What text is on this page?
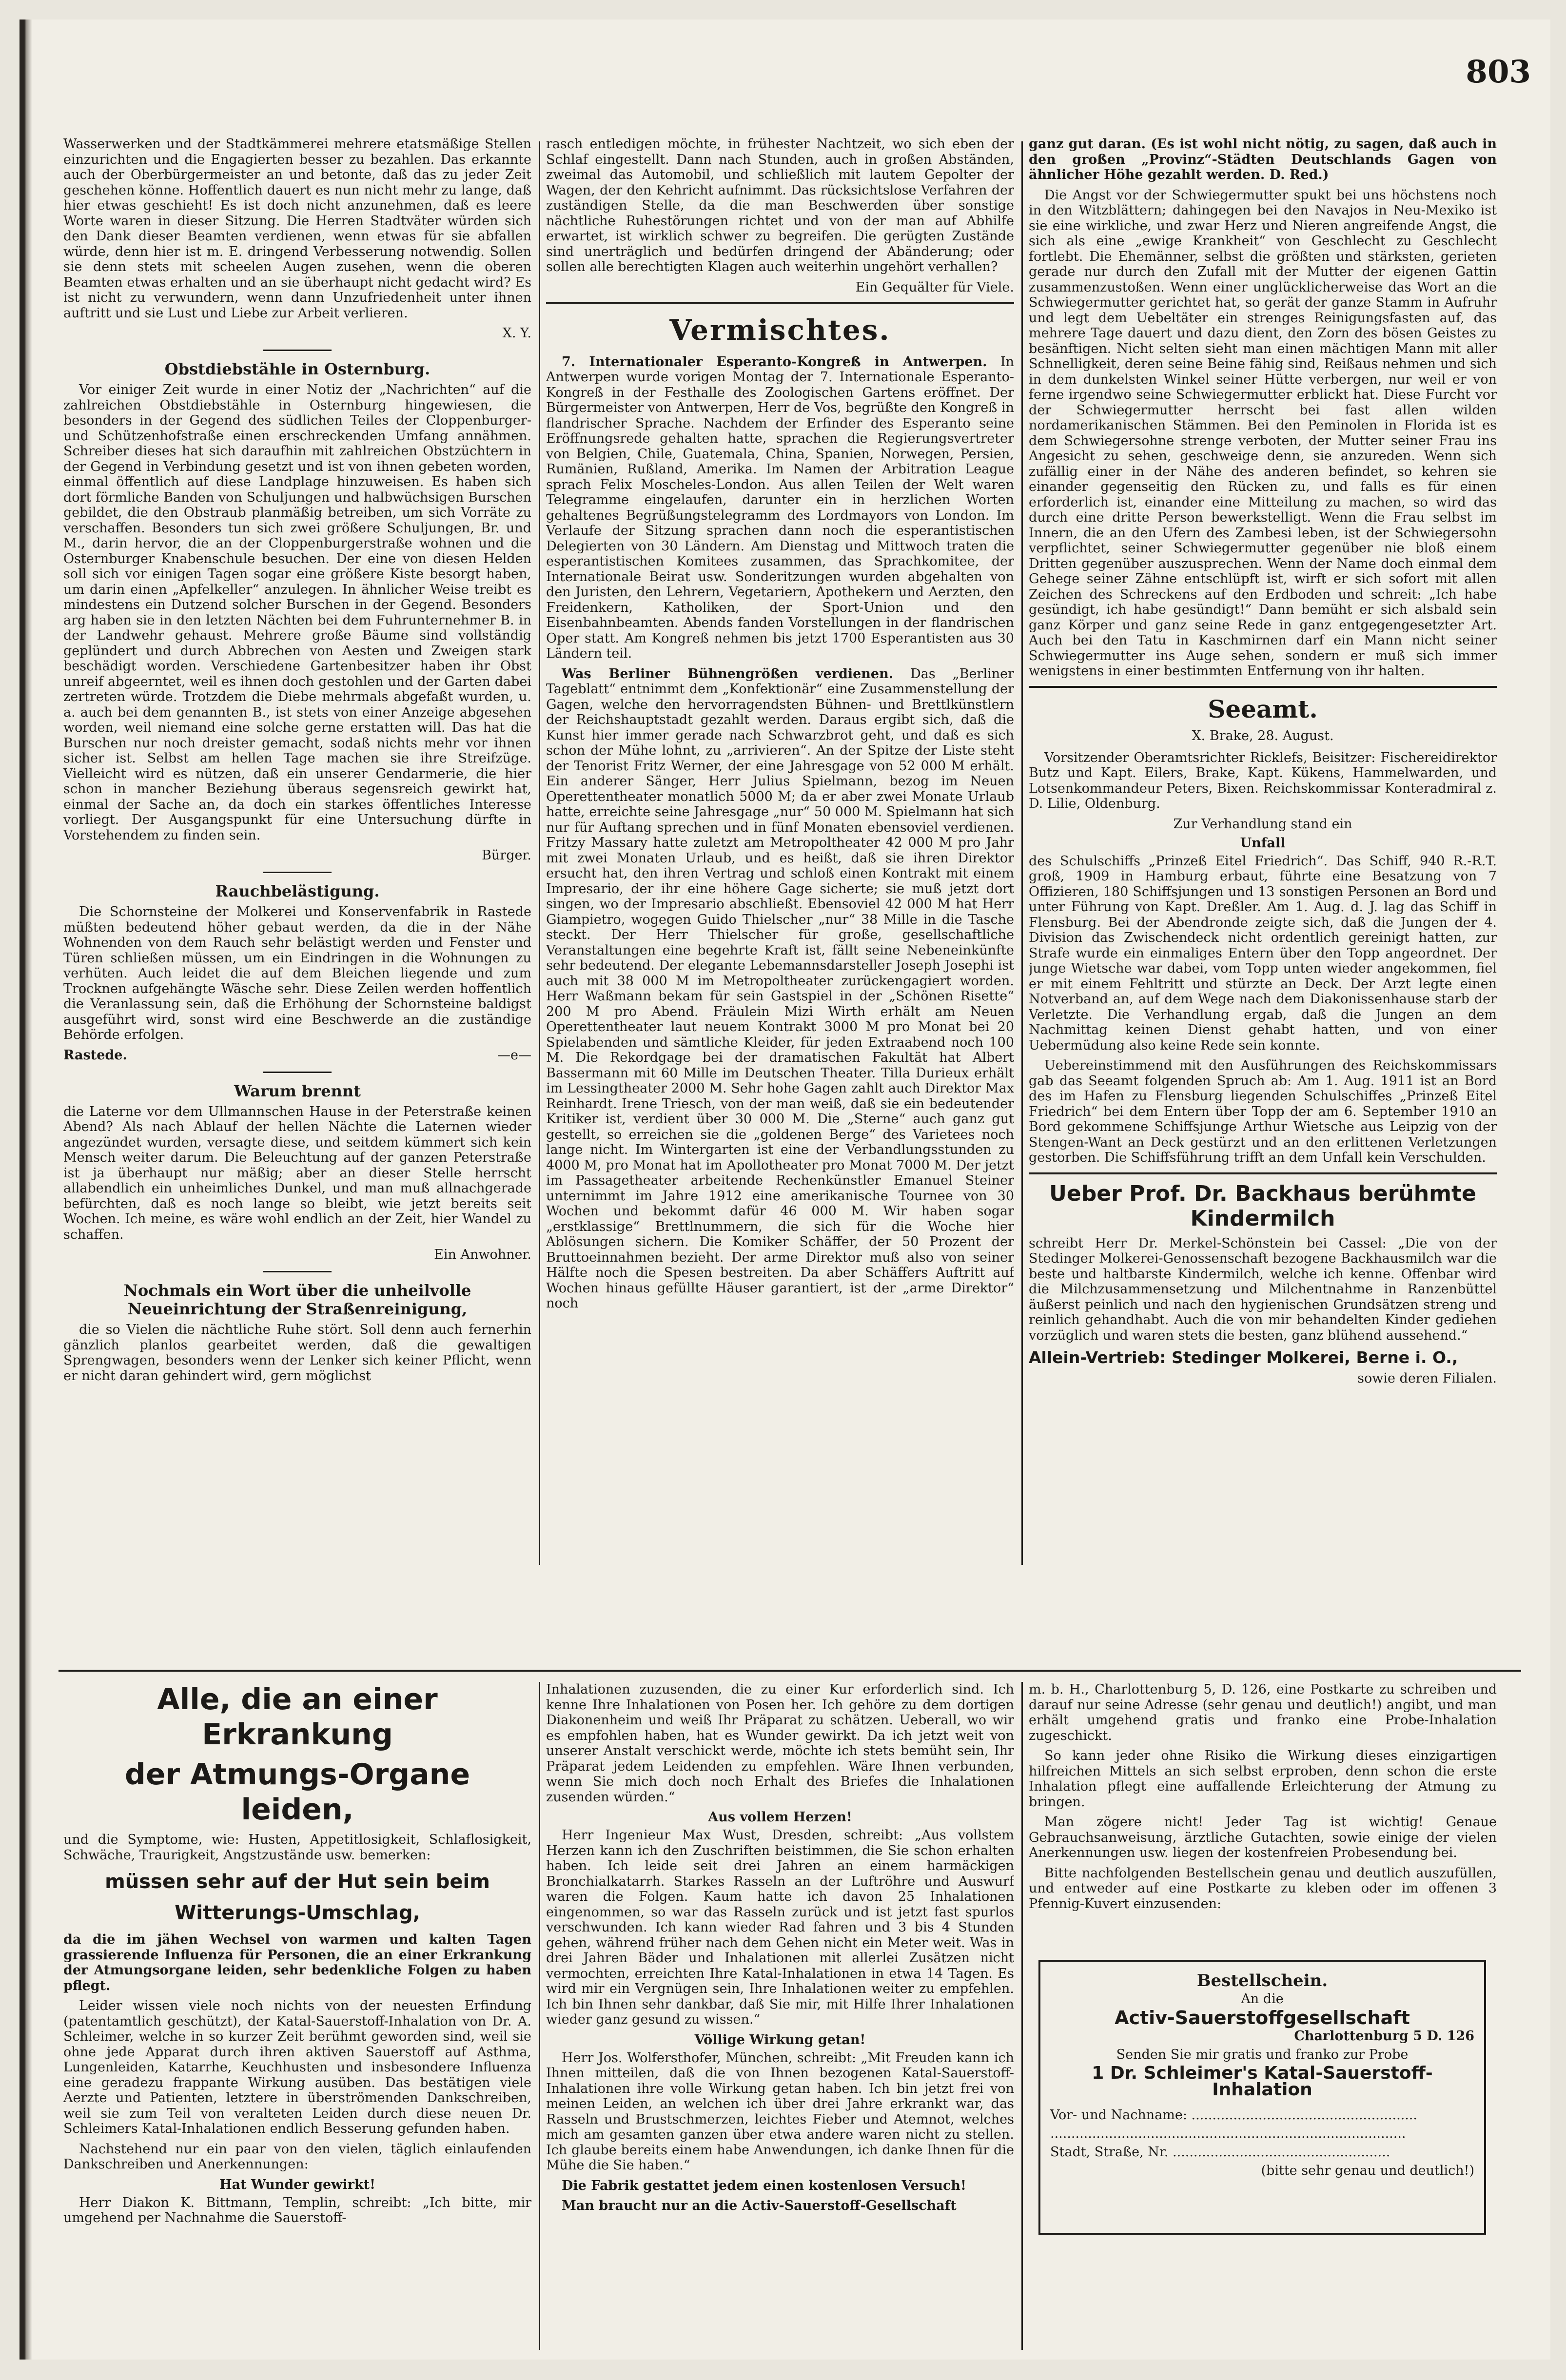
803

Wasserwerken und der Stadtkämmerei mehrere etatsmäßige Stellen einzurichten und die Engagierten besser zu bezahlen. Das erkannte auch der Oberbürgermeister an und betonte, daß das zu jeder Zeit geschehen könne. Hoffentlich dauert es nun nicht mehr zu lange, daß hier etwas geschieht! Es ist doch nicht anzunehmen, daß es leere Worte waren in dieser Sitzung. Die Herren Stadtväter würden sich den Dank dieser Beamten verdienen, wenn etwas für sie abfallen würde, denn hier ist m. E. dringend Verbesserung notwendig. Sollen sie denn stets mit scheelen Augen zusehen, wenn die oberen Beamten etwas erhalten und an sie überhaupt nicht gedacht wird? Es ist nicht zu verwundern, wenn dann Unzufriedenheit unter ihnen auftritt und sie Lust und Liebe zur Arbeit verlieren.

X. Y.
Obstdiebstähle in Osternburg.

Vor einiger Zeit wurde in einer Notiz der „Nachrichten“ auf die zahlreichen Obstdiebstähle in Osternburg hingewiesen, die besonders in der Gegend des südlichen Teiles der Cloppenburger- und Schützenhofstraße einen erschreckenden Umfang annähmen. Schreiber dieses hat sich daraufhin mit zahlreichen Obstzüchtern in der Gegend in Verbindung gesetzt und ist von ihnen gebeten worden, einmal öffentlich auf diese Landplage hinzuweisen. Es haben sich dort förmliche Banden von Schuljungen und halbwüchsigen Burschen gebildet, die den Obstraub planmäßig betreiben, um sich Vorräte zu verschaffen. Besonders tun sich zwei größere Schuljungen, Br. und M., darin hervor, die an der Cloppenburgerstraße wohnen und die Osternburger Knabenschule besuchen. Der eine von diesen Helden soll sich vor einigen Tagen sogar eine größere Kiste besorgt haben, um darin einen „Apfelkeller“ anzulegen. In ähnlicher Weise treibt es mindestens ein Dutzend solcher Burschen in der Gegend. Besonders arg haben sie in den letzten Nächten bei dem Fuhrunternehmer B. in der Landwehr gehaust. Mehrere große Bäume sind vollständig geplündert und durch Abbrechen von Aesten und Zweigen stark beschädigt worden. Verschiedene Gartenbesitzer haben ihr Obst unreif abgeerntet, weil es ihnen doch gestohlen und der Garten dabei zertreten würde. Trotzdem die Diebe mehrmals abgefaßt wurden, u. a. auch bei dem genannten B., ist stets von einer Anzeige abgesehen worden, weil niemand eine solche gerne erstatten will. Das hat die Burschen nur noch dreister gemacht, sodaß nichts mehr vor ihnen sicher ist. Selbst am hellen Tage machen sie ihre Streifzüge. Vielleicht wird es nützen, daß ein unserer Gendarmerie, die hier schon in mancher Beziehung überaus segensreich gewirkt hat, einmal der Sache an, da doch ein starkes öffentliches Interesse vorliegt. Der Ausgangspunkt für eine Untersuchung dürfte in Vorstehendem zu finden sein.

Bürger.
Rauchbelästigung.

Die Schornsteine der Molkerei und Konservenfabrik in Rastede müßten bedeutend höher gebaut werden, da die in der Nähe Wohnenden von dem Rauch sehr belästigt werden und Fenster und Türen schließen müssen, um ein Eindringen in die Wohnungen zu verhüten. Auch leidet die auf dem Bleichen liegende und zum Trocknen aufgehängte Wäsche sehr. Diese Zeilen werden hoffentlich die Veranlassung sein, daß die Erhöhung der Schornsteine baldigst ausgeführt wird, sonst wird eine Beschwerde an die zuständige Behörde erfolgen.

Rastede.	—e—
Warum brennt

die Laterne vor dem Ullmannschen Hause in der Peterstraße keinen Abend? Als nach Ablauf der hellen Nächte die Laternen wieder angezündet wurden, versagte diese, und seitdem kümmert sich kein Mensch weiter darum. Die Beleuchtung auf der ganzen Peterstraße ist ja überhaupt nur mäßig; aber an dieser Stelle herrscht allabendlich ein unheimliches Dunkel, und man muß allnachgerade befürchten, daß es noch lange so bleibt, wie jetzt bereits seit Wochen. Ich meine, es wäre wohl endlich an der Zeit, hier Wandel zu schaffen.

Ein Anwohner.
Nochmals ein Wort über die unheilvolle Neueinrichtung der Straßenreinigung,

die so Vielen die nächtliche Ruhe stört. Soll denn auch fernerhin gänzlich planlos gearbeitet werden, daß die gewaltigen Sprengwagen, besonders wenn der Lenker sich keiner Pflicht, wenn er nicht daran gehindert wird, gern möglichst

rasch entledigen möchte, in frühester Nachtzeit, wo sich eben der Schlaf eingestellt. Dann nach Stunden, auch in großen Abständen, zweimal das Automobil, und schließlich mit lautem Gepolter der Wagen, der den Kehricht aufnimmt. Das rücksichtslose Verfahren der zuständigen Stelle, da die man Beschwerden über sonstige nächtliche Ruhestörungen richtet und von der man auf Abhilfe erwartet, ist wirklich schwer zu begreifen. Die gerügten Zustände sind unerträglich und bedürfen dringend der Abänderung; oder sollen alle berechtigten Klagen auch weiterhin ungehört verhallen?

Ein Gequälter für Viele.
Vermischtes.

7. Internationaler Esperanto-Kongreß in Antwerpen. In Antwerpen wurde vorigen Montag der 7. Internationale Esperanto-Kongreß in der Festhalle des Zoologischen Gartens eröffnet. Der Bürgermeister von Antwerpen, Herr de Vos, begrüßte den Kongreß in flandrischer Sprache. Nachdem der Erfinder des Esperanto seine Eröffnungsrede gehalten hatte, sprachen die Regierungsvertreter von Belgien, Chile, Guatemala, China, Spanien, Norwegen, Persien, Rumänien, Rußland, Amerika. Im Namen der Arbitration League sprach Felix Moscheles-London. Aus allen Teilen der Welt waren Telegramme eingelaufen, darunter ein in herzlichen Worten gehaltenes Begrüßungstelegramm des Lordmayors von London. Im Verlaufe der Sitzung sprachen dann noch die esperantistischen Delegierten von 30 Ländern. Am Dienstag und Mittwoch traten die esperantistischen Komitees zusammen, das Sprachkomitee, der Internationale Beirat usw. Sonderitzungen wurden abgehalten von den Juristen, den Lehrern, Vegetariern, Apothekern und Aerzten, den Freidenkern, Katholiken, der Sport-Union und den Eisenbahnbeamten. Abends fanden Vorstellungen in der flandrischen Oper statt. Am Kongreß nehmen bis jetzt 1700 Esperantisten aus 30 Ländern teil.

Was Berliner Bühnengrößen verdienen. Das „Berliner Tageblatt“ entnimmt dem „Konfektionär“ eine Zusammenstellung der Gagen, welche den hervorragendsten Bühnen- und Brettlkünstlern der Reichshauptstadt gezahlt werden. Daraus ergibt sich, daß die Kunst hier immer gerade nach Schwarzbrot geht, und daß es sich schon der Mühe lohnt, zu „arrivieren“. An der Spitze der Liste steht der Tenorist Fritz Werner, der eine Jahresgage von 52 000 M erhält. Ein anderer Sänger, Herr Julius Spielmann, bezog im Neuen Operettentheater monatlich 5000 M; da er aber zwei Monate Urlaub hatte, erreichte seine Jahresgage „nur“ 50 000 M. Spielmann hat sich nur für Auftang sprechen und in fünf Monaten ebensoviel verdienen. Fritzy Massary hatte zuletzt am Metropoltheater 42 000 M pro Jahr mit zwei Monaten Urlaub, und es heißt, daß sie ihren Direktor ersucht hat, den ihren Vertrag und schloß einen Kontrakt mit einem Impresario, der ihr eine höhere Gage sicherte; sie muß jetzt dort singen, wo der Impresario abschließt. Ebensoviel 42 000 M hat Herr Giampietro, wogegen Guido Thielscher „nur“ 38 Mille in die Tasche steckt. Der Herr Thielscher für große, gesellschaftliche Veranstaltungen eine begehrte Kraft ist, fällt seine Nebeneinkünfte sehr bedeutend. Der elegante Lebemannsdarsteller Joseph Josephi ist auch mit 38 000 M im Metropoltheater zurückengagiert worden. Herr Waßmann bekam für sein Gastspiel in der „Schönen Risette“ 200 M pro Abend. Fräulein Mizi Wirth erhält am Neuen Operettentheater laut neuem Kontrakt 3000 M pro Monat bei 20 Spielabenden und sämtliche Kleider, für jeden Extraabend noch 100 M. Die Rekordgage bei der dramatischen Fakultät hat Albert Bassermann mit 60 Mille im Deutschen Theater. Tilla Durieux erhält im Lessingtheater 2000 M. Sehr hohe Gagen zahlt auch Direktor Max Reinhardt. Irene Triesch, von der man weiß, daß sie ein bedeutender Kritiker ist, verdient über 30 000 M. Die „Sterne“ auch ganz gut gestellt, so erreichen sie die „goldenen Berge“ des Varietees noch lange nicht. Im Wintergarten ist eine der Verbandlungsstunden zu 4000 M, pro Monat hat im Apollotheater pro Monat 7000 M. Der jetzt im Passagetheater arbeitende Rechenkünstler Emanuel Steiner unternimmt im Jahre 1912 eine amerikanische Tournee von 30 Wochen und bekommt dafür 46 000 M. Wir haben sogar „erstklassige“ Brettlnummern, die sich für die Woche hier Ablösungen sichern. Die Komiker Schäffer, der 50 Prozent der Bruttoeinnahmen bezieht. Der arme Direktor muß also von seiner Hälfte noch die Spesen bestreiten. Da aber Schäffers Auftritt auf Wochen hinaus gefüllte Häuser garantiert, ist der „arme Direktor“ noch

ganz gut daran. (Es ist wohl nicht nötig, zu sagen, daß auch in den großen „Provinz“-Städten Deutschlands Gagen von ähnlicher Höhe gezahlt werden. D. Red.)

Die Angst vor der Schwiegermutter spukt bei uns höchstens noch in den Witzblättern; dahingegen bei den Navajos in Neu-Mexiko ist sie eine wirkliche, und zwar Herz und Nieren angreifende Angst, die sich als eine „ewige Krankheit“ von Geschlecht zu Geschlecht fortlebt. Die Ehemänner, selbst die größten und stärksten, gerieten gerade nur durch den Zufall mit der Mutter der eigenen Gattin zusammenzustoßen. Wenn einer unglücklicherweise das Wort an die Schwiegermutter gerichtet hat, so gerät der ganze Stamm in Aufruhr und legt dem Uebeltäter ein strenges Reinigungsfasten auf, das mehrere Tage dauert und dazu dient, den Zorn des bösen Geistes zu besänftigen. Nicht selten sieht man einen mächtigen Mann mit aller Schnelligkeit, deren seine Beine fähig sind, Reißaus nehmen und sich in dem dunkelsten Winkel seiner Hütte verbergen, nur weil er von ferne irgendwo seine Schwiegermutter erblickt hat. Diese Furcht vor der Schwiegermutter herrscht bei fast allen wilden nordamerikanischen Stämmen. Bei den Peminolen in Florida ist es dem Schwiegersohne strenge verboten, der Mutter seiner Frau ins Angesicht zu sehen, geschweige denn, sie anzureden. Wenn sich zufällig einer in der Nähe des anderen befindet, so kehren sie einander gegenseitig den Rücken zu, und falls es für einen erforderlich ist, einander eine Mitteilung zu machen, so wird das durch eine dritte Person bewerkstelligt. Wenn die Frau selbst im Innern, die an den Ufern des Zambesi leben, ist der Schwiegersohn verpflichtet, seiner Schwiegermutter gegenüber nie bloß einem Dritten gegenüber auszusprechen. Wenn der Name doch einmal dem Gehege seiner Zähne entschlüpft ist, wirft er sich sofort mit allen Zeichen des Schreckens auf den Erdboden und schreit: „Ich habe gesündigt, ich habe gesündigt!“ Dann bemüht er sich alsbald sein ganz Körper und ganz seine Rede in ganz entgegengesetzter Art. Auch bei den Tatu in Kaschmirnen darf ein Mann nicht seiner Schwiegermutter ins Auge sehen, sondern er muß sich immer wenigstens in einer bestimmten Entfernung von ihr halten.

Seeamt.
X. Brake, 28. August.

Vorsitzender Oberamtsrichter Ricklefs, Beisitzer: Fischereidirektor Butz und Kapt. Eilers, Brake, Kapt. Kükens, Hammelwarden, und Lotsenkommandeur Peters, Bixen. Reichskommissar Konteradmiral z. D. Lilie, Oldenburg.

Zur Verhandlung stand ein
Unfall

des Schulschiffs „Prinzeß Eitel Friedrich“. Das Schiff, 940 R.-R.T. groß, 1909 in Hamburg erbaut, führte eine Besatzung von 7 Offizieren, 180 Schiffsjungen und 13 sonstigen Personen an Bord und unter Führung von Kapt. Dreßler. Am 1. Aug. d. J. lag das Schiff in Flensburg. Bei der Abendronde zeigte sich, daß die Jungen der 4. Division das Zwischendeck nicht ordentlich gereinigt hatten, zur Strafe wurde ein einmaliges Entern über den Topp angeordnet. Der junge Wietsche war dabei, vom Topp unten wieder angekommen, fiel er mit einem Fehltritt und stürzte an Deck. Der Arzt legte einen Notverband an, auf dem Wege nach dem Diakonissenhause starb der Verletzte. Die Verhandlung ergab, daß die Jungen an dem Nachmittag keinen Dienst gehabt hatten, und von einer Uebermüdung also keine Rede sein konnte.

Uebereinstimmend mit den Ausführungen des Reichskommissars gab das Seeamt folgenden Spruch ab: Am 1. Aug. 1911 ist an Bord des im Hafen zu Flensburg liegenden Schulschiffes „Prinzeß Eitel Friedrich“ bei dem Entern über Topp der am 6. September 1910 an Bord gekommene Schiffsjunge Arthur Wietsche aus Leipzig von der Stengen-Want an Deck gestürzt und an den erlittenen Verletzungen gestorben. Die Schiffsführung trifft an dem Unfall kein Verschulden.

Ueber Prof. Dr. Backhaus berühmte Kindermilch

schreibt Herr Dr. Merkel-Schönstein bei Cassel: „Die von der Stedinger Molkerei-Genossenschaft bezogene Backhausmilch war die beste und haltbarste Kindermilch, welche ich kenne. Offenbar wird die Milchzusammensetzung und Milchentnahme in Ranzenbüttel äußerst peinlich und nach den hygienischen Grundsätzen streng und reinlich gehandhabt. Auch die von mir behandelten Kinder gediehen vorzüglich und waren stets die besten, ganz blühend aussehend.“

Allein-Vertrieb: Stedinger Molkerei, Berne i. O.,
sowie deren Filialen.
Alle, die an einer Erkrankung
der Atmungs-Organe leiden,

und die Symptome, wie: Husten, Appetitlosigkeit, Schlaflosigkeit, Schwäche, Traurigkeit, Angstzustände usw. bemerken:

müssen sehr auf der Hut sein beim
Witterungs-Umschlag,

da die im jähen Wechsel von warmen und kalten Tagen grassierende Influenza für Personen, die an einer Erkrankung der Atmungsorgane leiden, sehr bedenkliche Folgen zu haben pflegt.

Leider wissen viele noch nichts von der neuesten Erfindung (patentamtlich geschützt), der Katal-Sauerstoff-Inhalation von Dr. A. Schleimer, welche in so kurzer Zeit berühmt geworden sind, weil sie ohne jede Apparat durch ihren aktiven Sauerstoff auf Asthma, Lungenleiden, Katarrhe, Keuchhusten und insbesondere Influenza eine geradezu frappante Wirkung ausüben. Das bestätigen viele Aerzte und Patienten, letztere in überströmenden Dankschreiben, weil sie zum Teil von veralteten Leiden durch diese neuen Dr. Schleimers Katal-Inhalationen endlich Besserung gefunden haben.

Nachstehend nur ein paar von den vielen, täglich einlaufenden Dankschreiben und Anerkennungen:

Hat Wunder gewirkt!

Herr Diakon K. Bittmann, Templin, schreibt: „Ich bitte, mir umgehend per Nachnahme die Sauerstoff-

Inhalationen zuzusenden, die zu einer Kur erforderlich sind. Ich kenne Ihre Inhalationen von Posen her. Ich gehöre zu dem dortigen Diakonenheim und weiß Ihr Präparat zu schätzen. Ueberall, wo wir es empfohlen haben, hat es Wunder gewirkt. Da ich jetzt weit von unserer Anstalt verschickt werde, möchte ich stets bemüht sein, Ihr Präparat jedem Leidenden zu empfehlen. Wäre Ihnen verbunden, wenn Sie mich doch noch Erhalt des Briefes die Inhalationen zusenden würden.“

Aus vollem Herzen!

Herr Ingenieur Max Wust, Dresden, schreibt: „Aus vollstem Herzen kann ich den Zuschriften beistimmen, die Sie schon erhalten haben. Ich leide seit drei Jahren an einem harmäckigen Bronchialkatarrh. Starkes Rasseln an der Luftröhre und Auswurf waren die Folgen. Kaum hatte ich davon 25 Inhalationen eingenommen, so war das Rasseln zurück und ist jetzt fast spurlos verschwunden. Ich kann wieder Rad fahren und 3 bis 4 Stunden gehen, während früher nach dem Gehen nicht ein Meter weit. Was in drei Jahren Bäder und Inhalationen mit allerlei Zusätzen nicht vermochten, erreichten Ihre Katal-Inhalationen in etwa 14 Tagen. Es wird mir ein Vergnügen sein, Ihre Inhalationen weiter zu empfehlen. Ich bin Ihnen sehr dankbar, daß Sie mir, mit Hilfe Ihrer Inhalationen wieder ganz gesund zu wissen.“

Völlige Wirkung getan!

Herr Jos. Wolfersthofer, München, schreibt: „Mit Freuden kann ich Ihnen mitteilen, daß die von Ihnen bezogenen Katal-Sauerstoff-Inhalationen ihre volle Wirkung getan haben. Ich bin jetzt frei von meinen Leiden, an welchen ich über drei Jahre erkrankt war, das Rasseln und Brustschmerzen, leichtes Fieber und Atemnot, welches mich am gesamten ganzen über etwa andere waren nicht zu stellen. Ich glaube bereits einem habe Anwendungen, ich danke Ihnen für die Mühe die Sie haben.“

Die Fabrik gestattet jedem einen kostenlosen Versuch!

Man braucht nur an die Activ-Sauerstoff-Gesellschaft

m. b. H., Charlottenburg 5, D. 126, eine Postkarte zu schreiben und darauf nur seine Adresse (sehr genau und deutlich!) angibt, und man erhält umgehend gratis und franko eine Probe-Inhalation zugeschickt.

So kann jeder ohne Risiko die Wirkung dieses einzigartigen hilfreichen Mittels an sich selbst erproben, denn schon die erste Inhalation pflegt eine auffallende Erleichterung der Atmung zu bringen.

Man zögere nicht! Jeder Tag ist wichtig! Genaue Gebrauchsanweisung, ärztliche Gutachten, sowie einige der vielen Anerkennungen usw. liegen der kostenfreien Probesendung bei.

Bitte nachfolgenden Bestellschein genau und deutlich auszufüllen, und entweder auf eine Postkarte zu kleben oder im offenen 3 Pfennig-Kuvert einzusenden:

Bestellschein.

An die

Activ-Sauerstoffgesellschaft

Charlottenburg 5 D. 126

Senden Sie mir gratis und franko zur Probe

1 Dr. Schleimer's Katal-Sauerstoff-Inhalation

Vor- und Nachname: ......................................................

.....................................................................................

Stadt, Straße, Nr. ....................................................

(bitte sehr genau und deutlich!)
